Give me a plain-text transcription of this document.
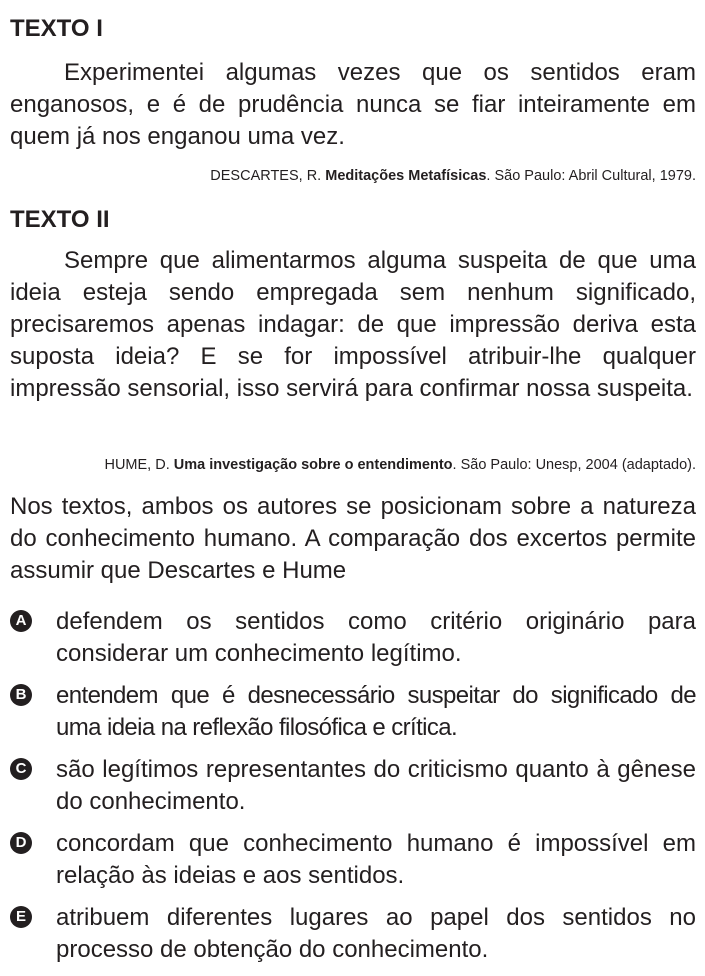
TEXTO I

Experimentei algumas vezes que os sentidos eram enganosos, e é de prudência nunca se fiar inteiramente em quem já nos enganou uma vez.

DESCARTES, R. Meditações Metafísicas. São Paulo: Abril Cultural, 1979.

TEXTO II

Sempre que alimentarmos alguma suspeita de que uma ideia esteja sendo empregada sem nenhum significado, precisaremos apenas indagar: de que impressão deriva esta suposta ideia? E se for impossível atribuir-lhe qualquer impressão sensorial, isso servirá para confirmar nossa suspeita.

HUME, D. Uma investigação sobre o entendimento. São Paulo: Unesp, 2004 (adaptado).

Nos textos, ambos os autores se posicionam sobre a natureza do conhecimento humano. A comparação dos excertos permite assumir que Descartes e Hume

A defendem os sentidos como critério originário para considerar um conhecimento legítimo.

B entendem que é desnecessário suspeitar do significado de uma ideia na reflexão filosófica e crítica.

C são legítimos representantes do criticismo quanto à gênese do conhecimento.

D concordam que conhecimento humano é impossível em relação às ideias e aos sentidos.

E atribuem diferentes lugares ao papel dos sentidos no processo de obtenção do conhecimento.
